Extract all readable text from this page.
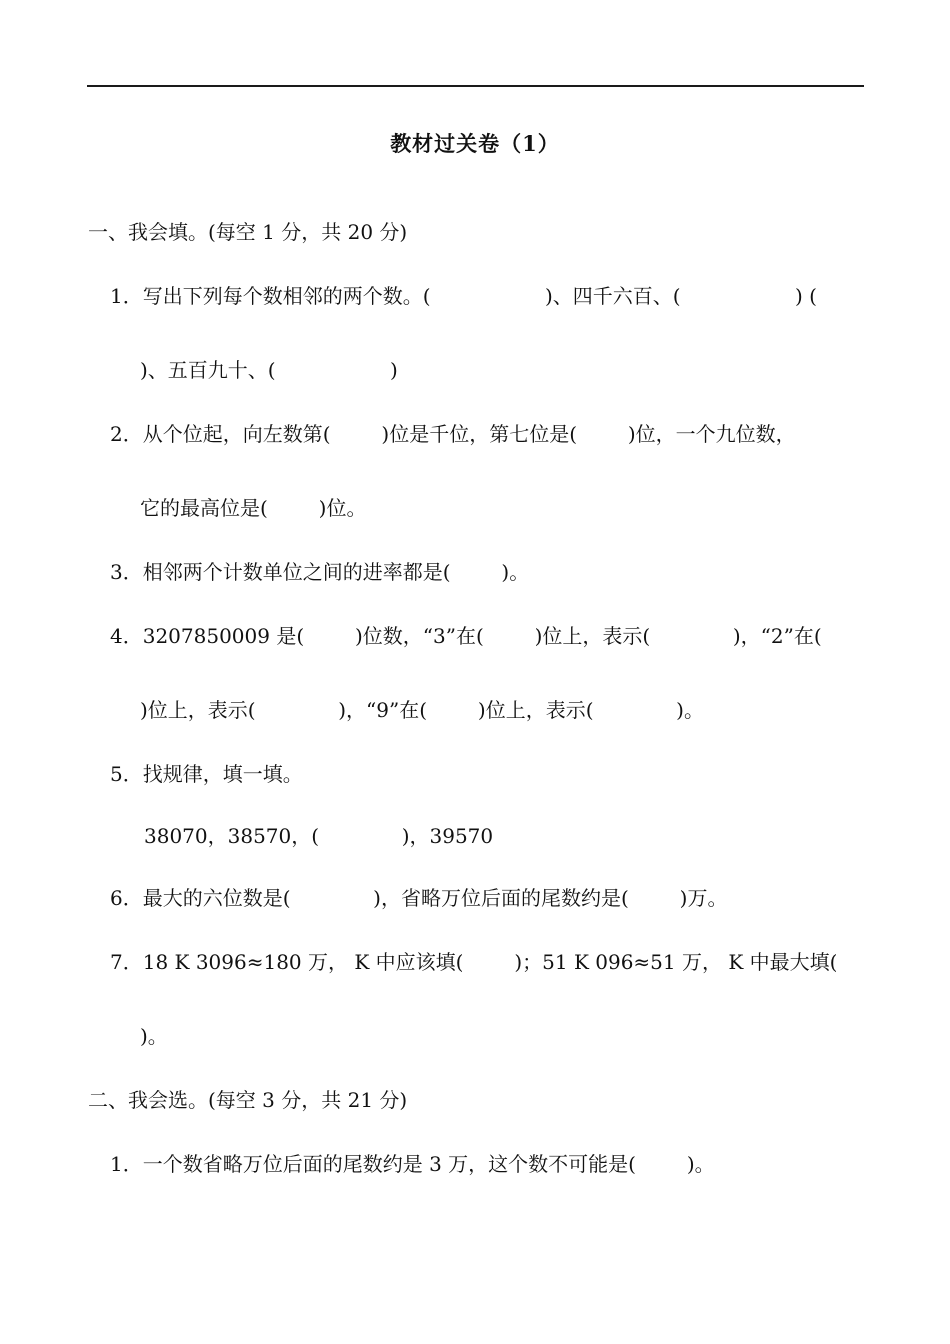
教材过关卷（1）
一、我会填。(每空 1 分，共 20 分)
1．写出下列每个数相邻的两个数。(                  )、四千六百、(                  ) (
)、五百九十、(                  )
2．从个位起，向左数第(        )位是千位，第七位是(        )位，一个九位数，
它的最高位是(        )位。
3．相邻两个计数单位之间的进率都是(        )。
4．3207850009 是(        )位数，“3”在(        )位上，表示(             )，“2”在(
)位上，表示(             )，“9”在(        )位上，表示(             )。
5．找规律，填一填。
38070，38570，(             )，39570
6．最大的六位数是(             )，省略万位后面的尾数约是(        )万。
7．18 K 3096≈180 万， K 中应该填(        )；51 K 096≈51 万， K 中最大填(
)。
二、我会选。(每空 3 分，共 21 分)
1．一个数省略万位后面的尾数约是 3 万，这个数不可能是(        )。
